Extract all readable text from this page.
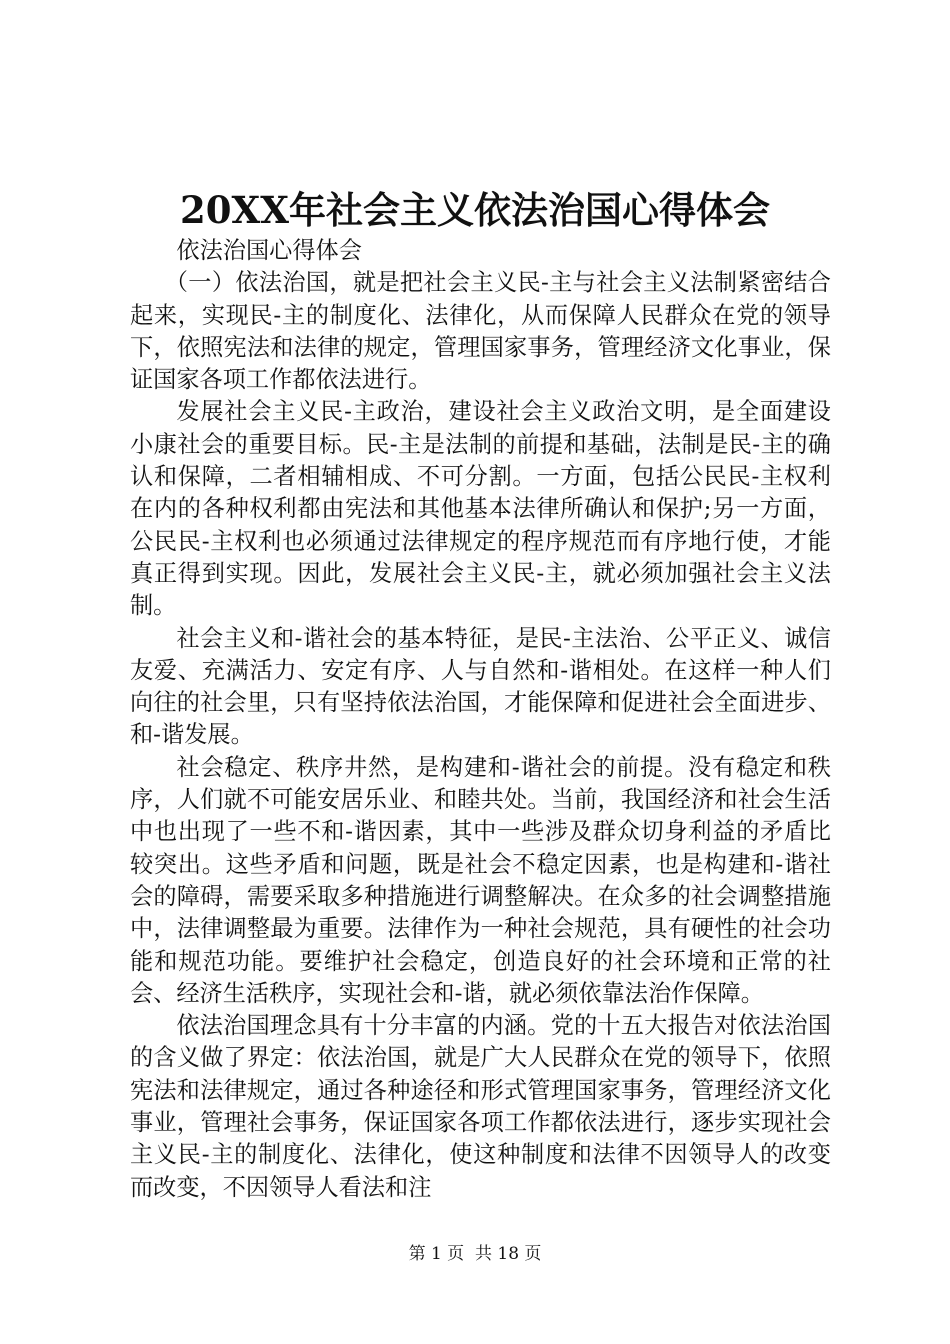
20XX年社会主义依法治国心得体会

依法治国心得体会

（一）依法治国，就是把社会主义民-主与社会主义法制紧密结合起来，实现民-主的制度化、法律化，从而保障人民群众在党的领导下，依照宪法和法律的规定，管理国家事务，管理经济文化事业，保证国家各项工作都依法进行。

发展社会主义民-主政治，建设社会主义政治文明，是全面建设小康社会的重要目标。民-主是法制的前提和基础，法制是民-主的确认和保障，二者相辅相成、不可分割。一方面，包括公民民-主权利在内的各种权利都由宪法和其他基本法律所确认和保护;另一方面，公民民-主权利也必须通过法律规定的程序规范而有序地行使，才能真正得到实现。因此，发展社会主义民-主，就必须加强社会主义法制。

社会主义和-谐社会的基本特征，是民-主法治、公平正义、诚信友爱、充满活力、安定有序、人与自然和-谐相处。在这样一种人们向往的社会里，只有坚持依法治国，才能保障和促进社会全面进步、和-谐发展。

社会稳定、秩序井然，是构建和-谐社会的前提。没有稳定和秩序，人们就不可能安居乐业、和睦共处。当前，我国经济和社会生活中也出现了一些不和-谐因素，其中一些涉及群众切身利益的矛盾比较突出。这些矛盾和问题，既是社会不稳定因素，也是构建和-谐社会的障碍，需要采取多种措施进行调整解决。在众多的社会调整措施中，法律调整最为重要。法律作为一种社会规范，具有硬性的社会功能和规范功能。要维护社会稳定，创造良好的社会环境和正常的社会、经济生活秩序，实现社会和-谐，就必须依靠法治作保障。

依法治国理念具有十分丰富的内涵。党的十五大报告对依法治国的含义做了界定：依法治国，就是广大人民群众在党的领导下，依照宪法和法律规定，通过各种途径和形式管理国家事务，管理经济文化事业，管理社会事务，保证国家各项工作都依法进行，逐步实现社会主义民-主的制度化、法律化，使这种制度和法律不因领导人的改变而改变，不因领导人看法和注

第 1 页  共 18 页
